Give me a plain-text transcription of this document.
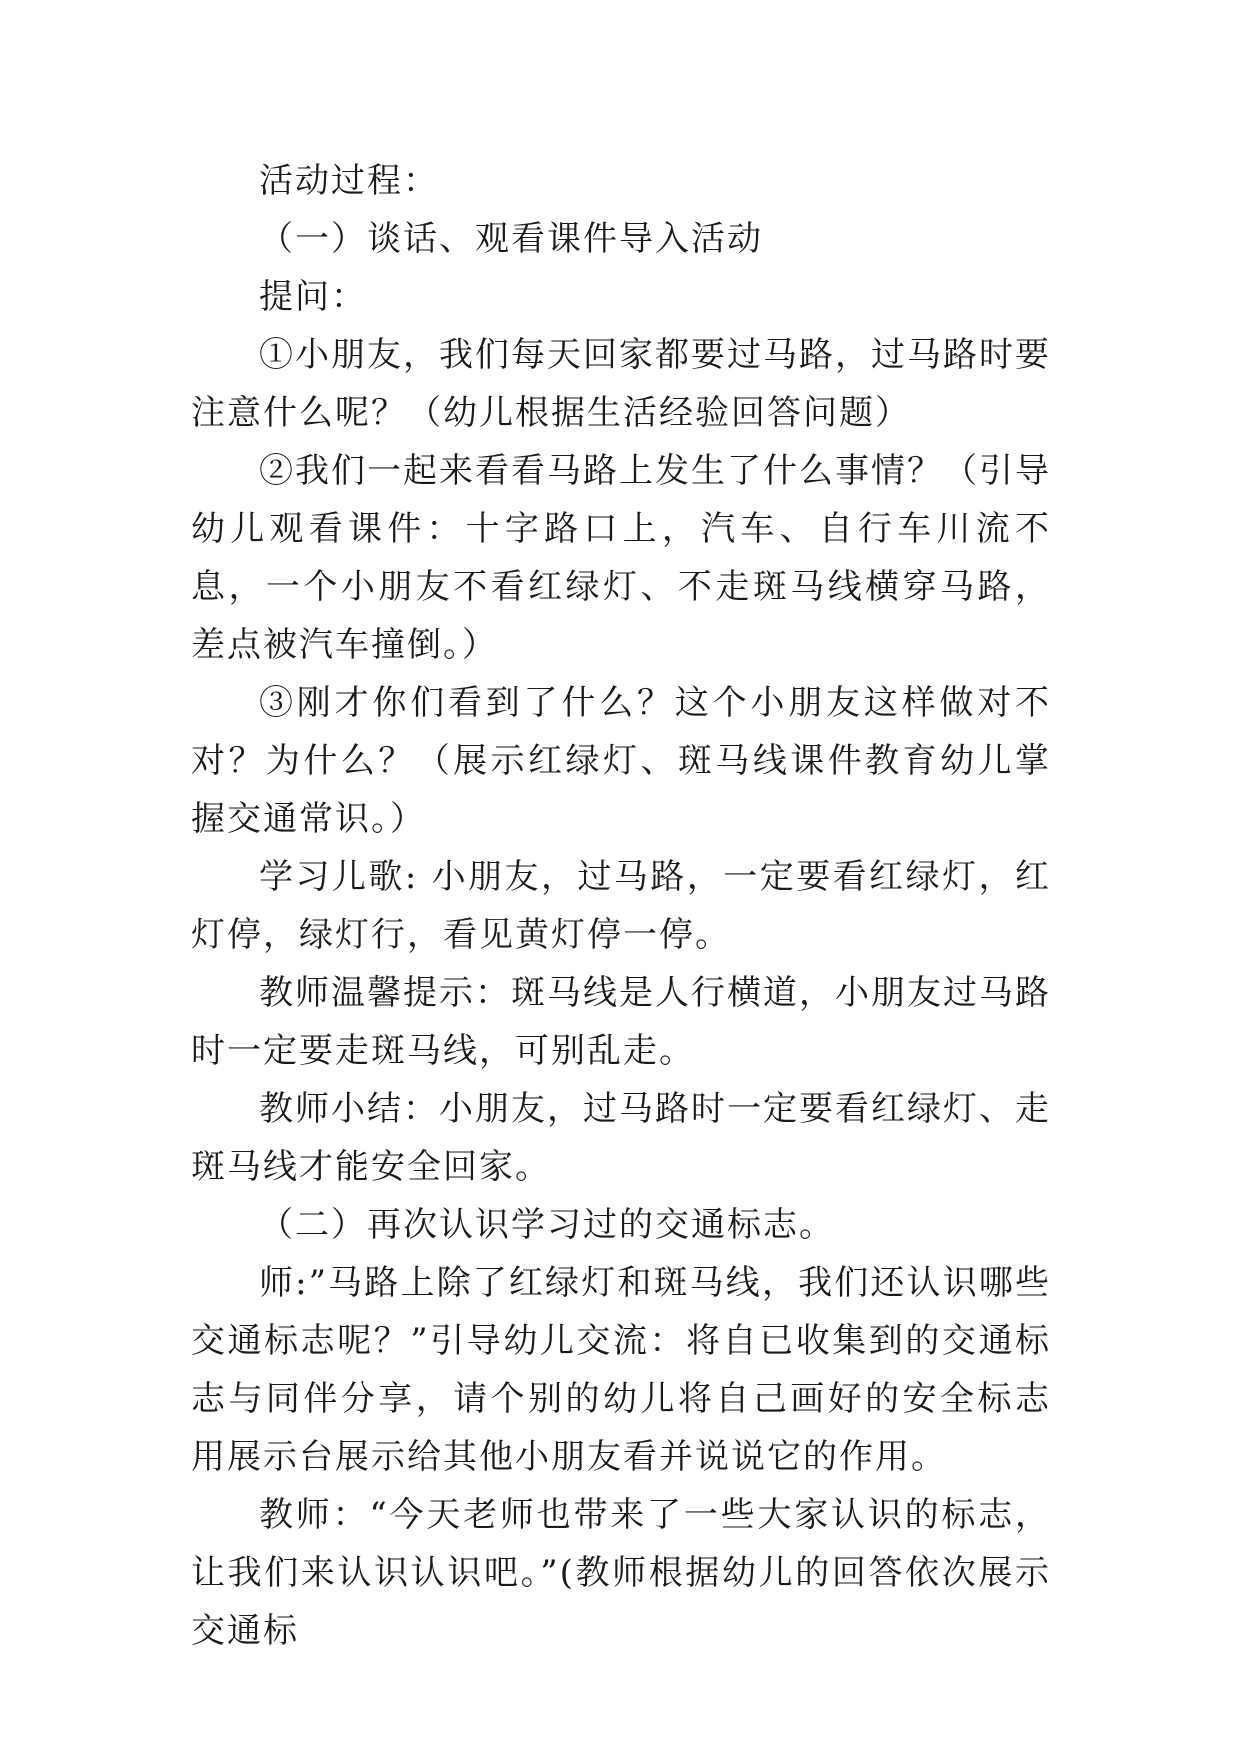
活动过程：

（一）谈话、观看课件导入活动

提问：

①小朋友，我们每天回家都要过马路，过马路时要注意什么呢？（幼儿根据生活经验回答问题）

②我们一起来看看马路上发生了什么事情？（引导幼儿观看课件：十字路口上，汽车、自行车川流不息，一个小朋友不看红绿灯、不走斑马线横穿马路，差点被汽车撞倒。）

③刚才你们看到了什么？这个小朋友这样做对不对？为什么？（展示红绿灯、斑马线课件教育幼儿掌握交通常识。）

学习儿歌: 小朋友，过马路，一定要看红绿灯，红灯停，绿灯行，看见黄灯停一停。

教师温馨提示：斑马线是人行横道，小朋友过马路时一定要走斑马线，可别乱走。

教师小结：小朋友，过马路时一定要看红绿灯、走斑马线才能安全回家。

（二）再次认识学习过的交通标志。

师:”马路上除了红绿灯和斑马线，我们还认识哪些交通标志呢？”引导幼儿交流：将自已收集到的交通标志与同伴分享，请个别的幼儿将自己画好的安全标志用展示台展示给其他小朋友看并说说它的作用。

教师：“今天老师也带来了一些大家认识的标志，让我们来认识认识吧。”(教师根据幼儿的回答依次展示交通标
